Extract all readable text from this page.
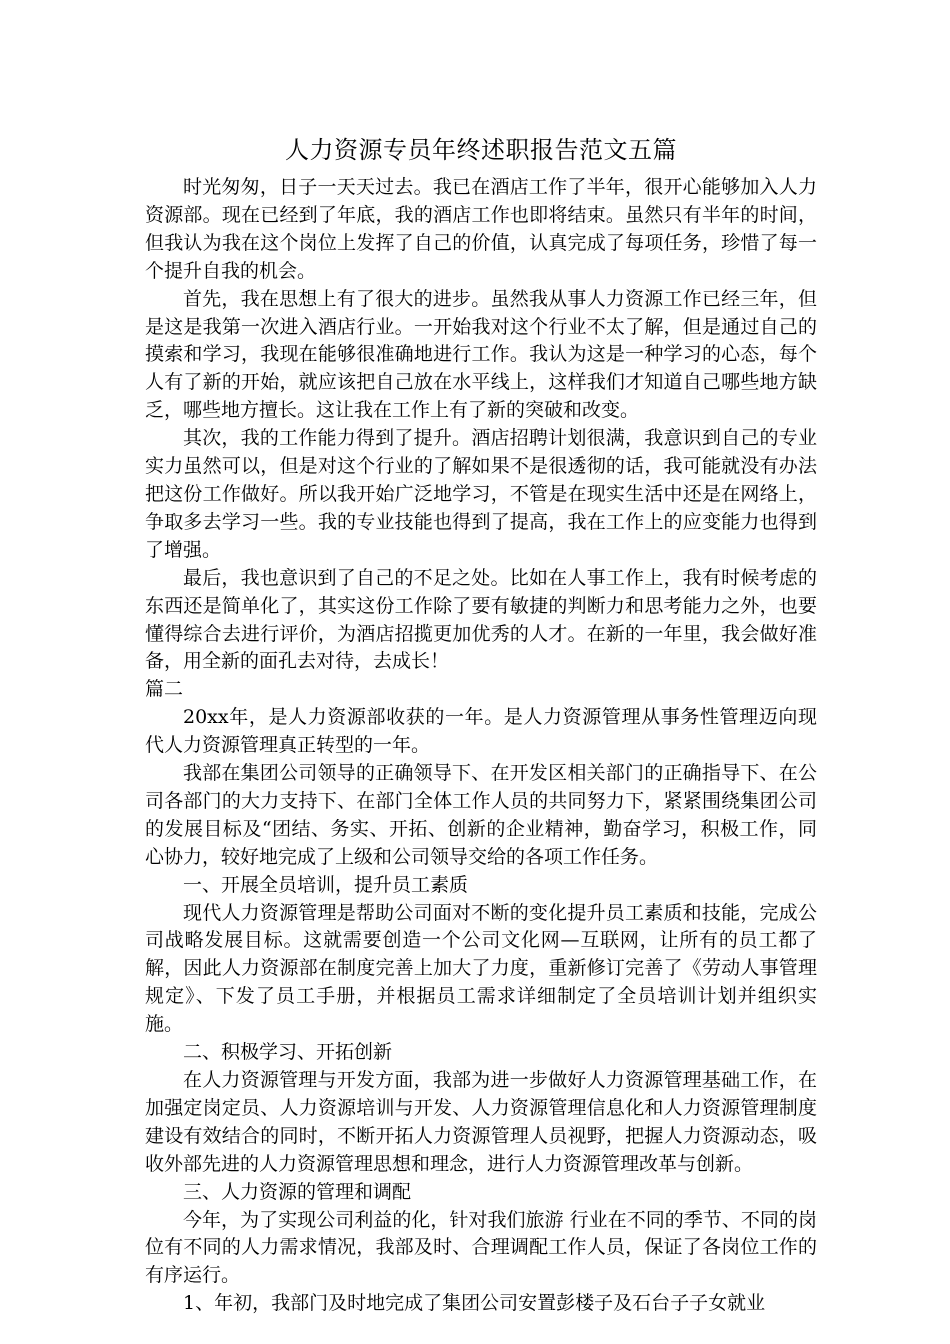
人力资源专员年终述职报告范文五篇

时光匆匆，日子一天天过去。我已在酒店工作了半年，很开心能够加入人力资源部。现在已经到了年底，我的酒店工作也即将结束。虽然只有半年的时间，但我认为我在这个岗位上发挥了自己的价值，认真完成了每项任务，珍惜了每一个提升自我的机会。

首先，我在思想上有了很大的进步。虽然我从事人力资源工作已经三年，但是这是我第一次进入酒店行业。一开始我对这个行业不太了解，但是通过自己的摸索和学习，我现在能够很准确地进行工作。我认为这是一种学习的心态，每个人有了新的开始，就应该把自己放在水平线上，这样我们才知道自己哪些地方缺乏，哪些地方擅长。这让我在工作上有了新的突破和改变。

其次，我的工作能力得到了提升。酒店招聘计划很满，我意识到自己的专业实力虽然可以，但是对这个行业的了解如果不是很透彻的话，我可能就没有办法把这份工作做好。所以我开始广泛地学习，不管是在现实生活中还是在网络上，争取多去学习一些。我的专业技能也得到了提高，我在工作上的应变能力也得到了增强。

最后，我也意识到了自己的不足之处。比如在人事工作上，我有时候考虑的东西还是简单化了，其实这份工作除了要有敏捷的判断力和思考能力之外，也要懂得综合去进行评价，为酒店招揽更加优秀的人才。在新的一年里，我会做好准备，用全新的面孔去对待，去成长！

篇二

20xx年，是人力资源部收获的一年。是人力资源管理从事务性管理迈向现代人力资源管理真正转型的一年。

我部在集团公司领导的正确领导下、在开发区相关部门的正确指导下、在公司各部门的大力支持下、在部门全体工作人员的共同努力下，紧紧围绕集团公司的发展目标及“团结、务实、开拓、创新的企业精神，勤奋学习，积极工作，同心协力，较好地完成了上级和公司领导交给的各项工作任务。

一、开展全员培训，提升员工素质

现代人力资源管理是帮助公司面对不断的变化提升员工素质和技能，完成公司战略发展目标。这就需要创造一个公司文化网—互联网，让所有的员工都了解，因此人力资源部在制度完善上加大了力度，重新修订完善了《劳动人事管理规定》、下发了员工手册，并根据员工需求详细制定了全员培训计划并组织实施。

二、积极学习、开拓创新

在人力资源管理与开发方面，我部为进一步做好人力资源管理基础工作，在加强定岗定员、人力资源培训与开发、人力资源管理信息化和人力资源管理制度建设有效结合的同时，不断开拓人力资源管理人员视野，把握人力资源动态，吸收外部先进的人力资源管理思想和理念，进行人力资源管理改革与创新。

三、人力资源的管理和调配

今年，为了实现公司利益的化，针对我们旅游 行业在不同的季节、不同的岗位有不同的人力需求情况，我部及时、合理调配工作人员，保证了各岗位工作的有序运行。

1、年初，我部门及时地完成了集团公司安置彭楼子及石台子子女就业
